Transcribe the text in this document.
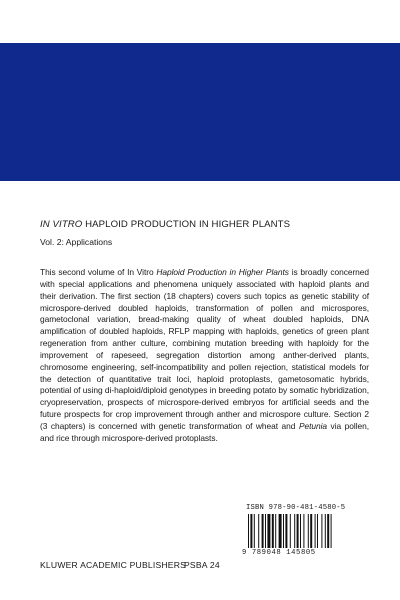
IN VITRO HAPLOID PRODUCTION IN HIGHER PLANTS
Vol. 2: Applications
This second volume of In Vitro Haploid Production in Higher Plants is broadly concerned with special applications and phenomena uniquely associated with haploid plants and their derivation. The first section (18 chapters) covers such topics as genetic stability of microspore-derived doubled haploids, transformation of pollen and microspores, gametoclonal variation, bread-making quality of wheat doubled haploids, DNA amplification of doubled haploids, RFLP mapping with haploids, genetics of green plant regeneration from anther culture, combining mutation breeding with haploidy for the improvement of rapeseed, segregation distortion among anther-derived plants, chromosome engineering, self-incompatibility and pollen rejection, statistical models for the detection of quantitative trait loci, haploid protoplasts, gametosomatic hybrids, potential of using di-haploid/diploid genotypes in breeding potato by somatic hybridization, cryopreservation, prospects of microspore-derived embryos for artificial seeds and the future prospects for crop improvement through anther and microspore culture. Section 2 (3 chapters) is concerned with genetic transformation of wheat and Petunia via pollen, and rice through microspore-derived protoplasts.
ISBN 978-90-481-4580-5
9 789048 145805
KLUWER ACADEMIC PUBLISHERS
PSBA 24
